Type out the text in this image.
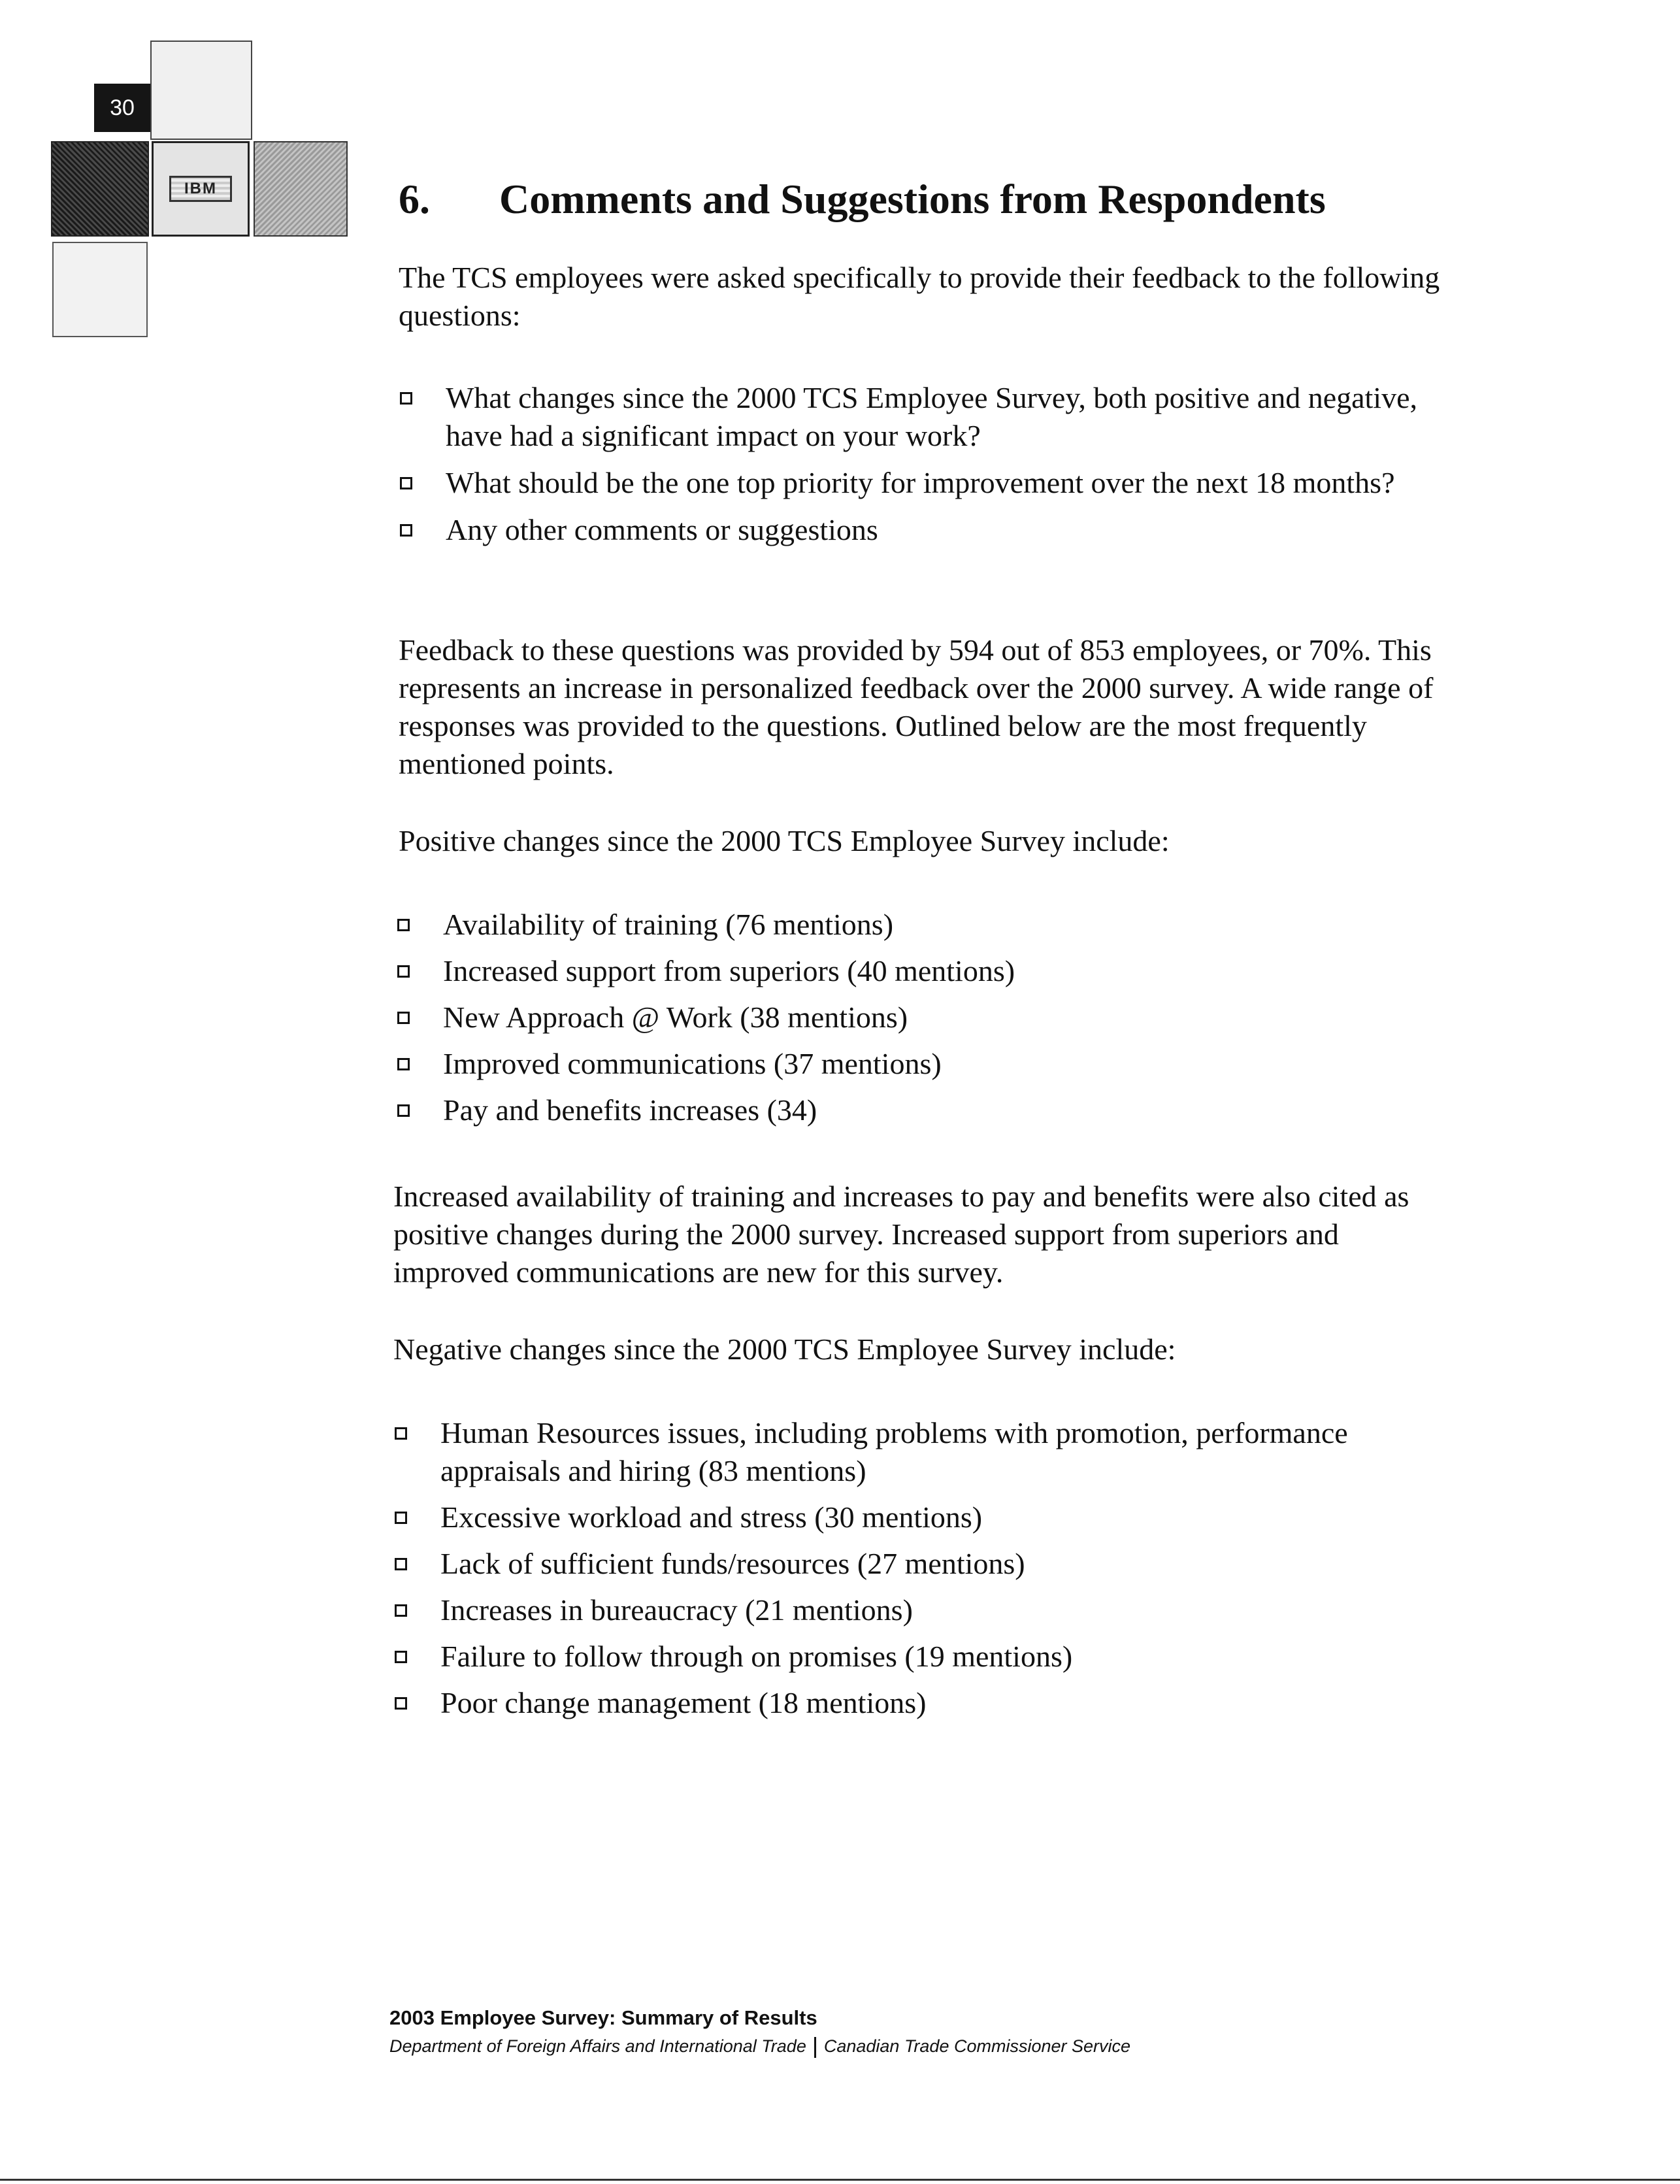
30
IBM	6. Comments and Suggestions from Respondents

The TCS employees were asked specifically to provide their feedback to the following questions:

What changes since the 2000 TCS Employee Survey, both positive and negative, have had a significant impact on your work?
What should be the one top priority for improvement over the next 18 months?
Any other comments or suggestions

Feedback to these questions was provided by 594 out of 853 employees, or 70%. This represents an increase in personalized feedback over the 2000 survey. A wide range of responses was provided to the questions. Outlined below are the most frequently mentioned points.

Positive changes since the 2000 TCS Employee Survey include:

Availability of training (76 mentions)
Increased support from superiors (40 mentions)
New Approach @ Work (38 mentions)
Improved communications (37 mentions)
Pay and benefits increases (34)

Increased availability of training and increases to pay and benefits were also cited as positive changes during the 2000 survey. Increased support from superiors and improved communications are new for this survey.

Negative changes since the 2000 TCS Employee Survey include:

Human Resources issues, including problems with promotion, performance appraisals and hiring (83 mentions)
Excessive workload and stress (30 mentions)
Lack of sufficient funds/resources (27 mentions)
Increases in bureaucracy (21 mentions)
Failure to follow through on promises (19 mentions)
Poor change management (18 mentions)
2003 Employee Survey: Summary of Results
Department of Foreign Affairs and International Trade Canadian Trade Commissioner Service
